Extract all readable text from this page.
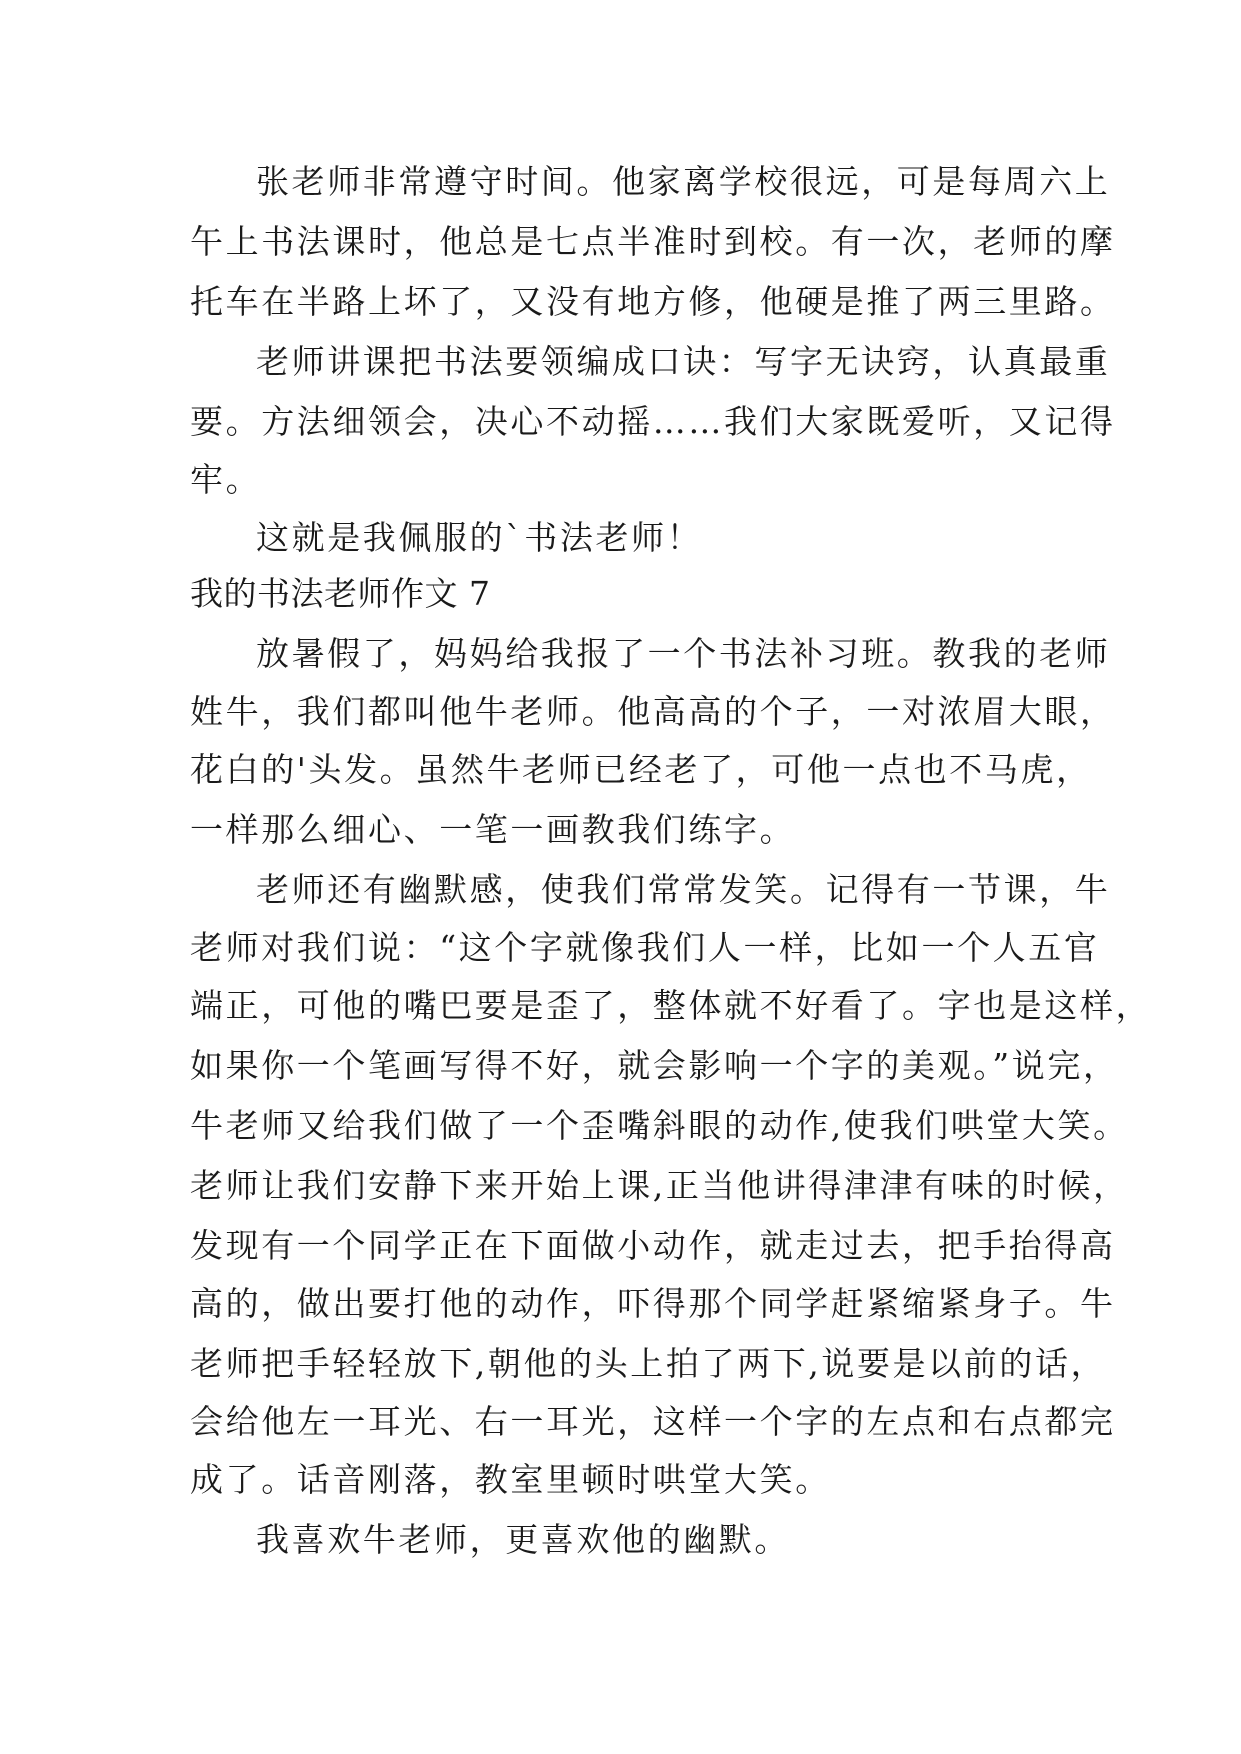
张老师非常遵守时间。他家离学校很远，可是每周六上
午上书法课时，他总是七点半准时到校。有一次，老师的摩
托车在半路上坏了，又没有地方修，他硬是推了两三里路。
老师讲课把书法要领编成口诀：写字无诀窍，认真最重
要。方法细领会，决心不动摇……我们大家既爱听，又记得
牢。
这就是我佩服的`书法老师！
我的书法老师作文 7
放暑假了，妈妈给我报了一个书法补习班。教我的老师
姓牛，我们都叫他牛老师。他高高的个子，一对浓眉大眼，
花白的'头发。虽然牛老师已经老了，可他一点也不马虎，
一样那么细心、一笔一画教我们练字。
老师还有幽默感，使我们常常发笑。记得有一节课，牛
老师对我们说：“这个字就像我们人一样，比如一个人五官
端正，可他的嘴巴要是歪了，整体就不好看了。字也是这样，
如果你一个笔画写得不好，就会影响一个字的美观。”说完，
牛老师又给我们做了一个歪嘴斜眼的动作,使我们哄堂大笑。
老师让我们安静下来开始上课,正当他讲得津津有味的时候，
发现有一个同学正在下面做小动作，就走过去，把手抬得高
高的，做出要打他的动作，吓得那个同学赶紧缩紧身子。牛
老师把手轻轻放下,朝他的头上拍了两下,说要是以前的话，
会给他左一耳光、右一耳光，这样一个字的左点和右点都完
成了。话音刚落，教室里顿时哄堂大笑。
我喜欢牛老师，更喜欢他的幽默。
